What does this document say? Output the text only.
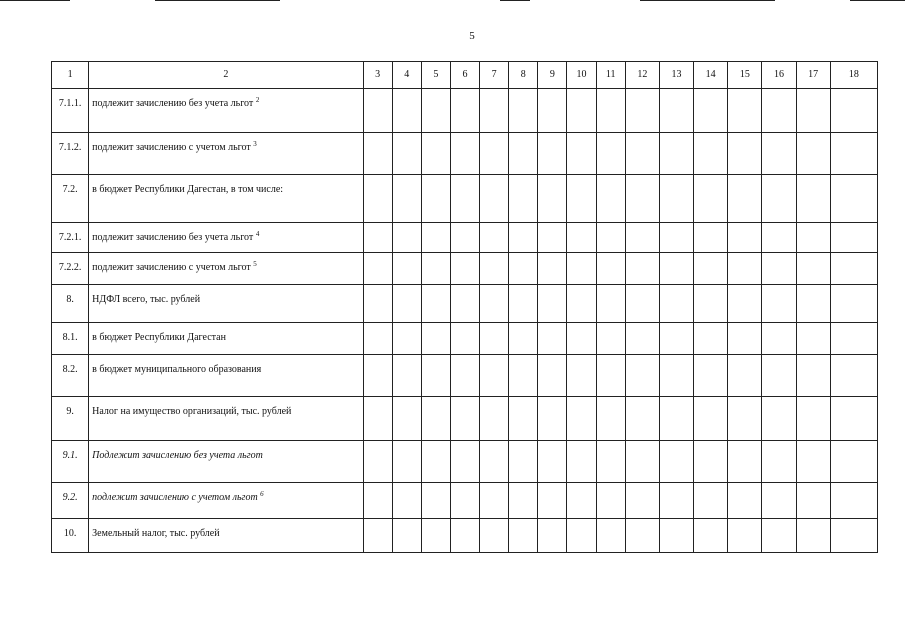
5
1	2	3	4	5	6	7	8	9	10	11	12	13	14	15	16	17	18
7.1.1.	подлежит зачислению без учета льгот $^2$																
7.1.2.	подлежит зачислению с учетом льгот $^3$																
7.2.	в бюджет Республики Дагестан, в том числе:																
7.2.1.	подлежит зачислению без учета льгот $^4$																
7.2.2.	подлежит зачислению с учетом льгот $^5$																
8.	НДФЛ всего, тыс. рублей																
8.1.	в бюджет Республики Дагестан																
8.2.	в бюджет муниципального образования																
9.	Налог на имущество организаций, тыс. рублей																
9.1.	Подлежит зачислению без учета льгот																
9.2.	подлежит зачислению с учетом льгот $^6$																
10.	Земельный налог, тыс. рублей																
